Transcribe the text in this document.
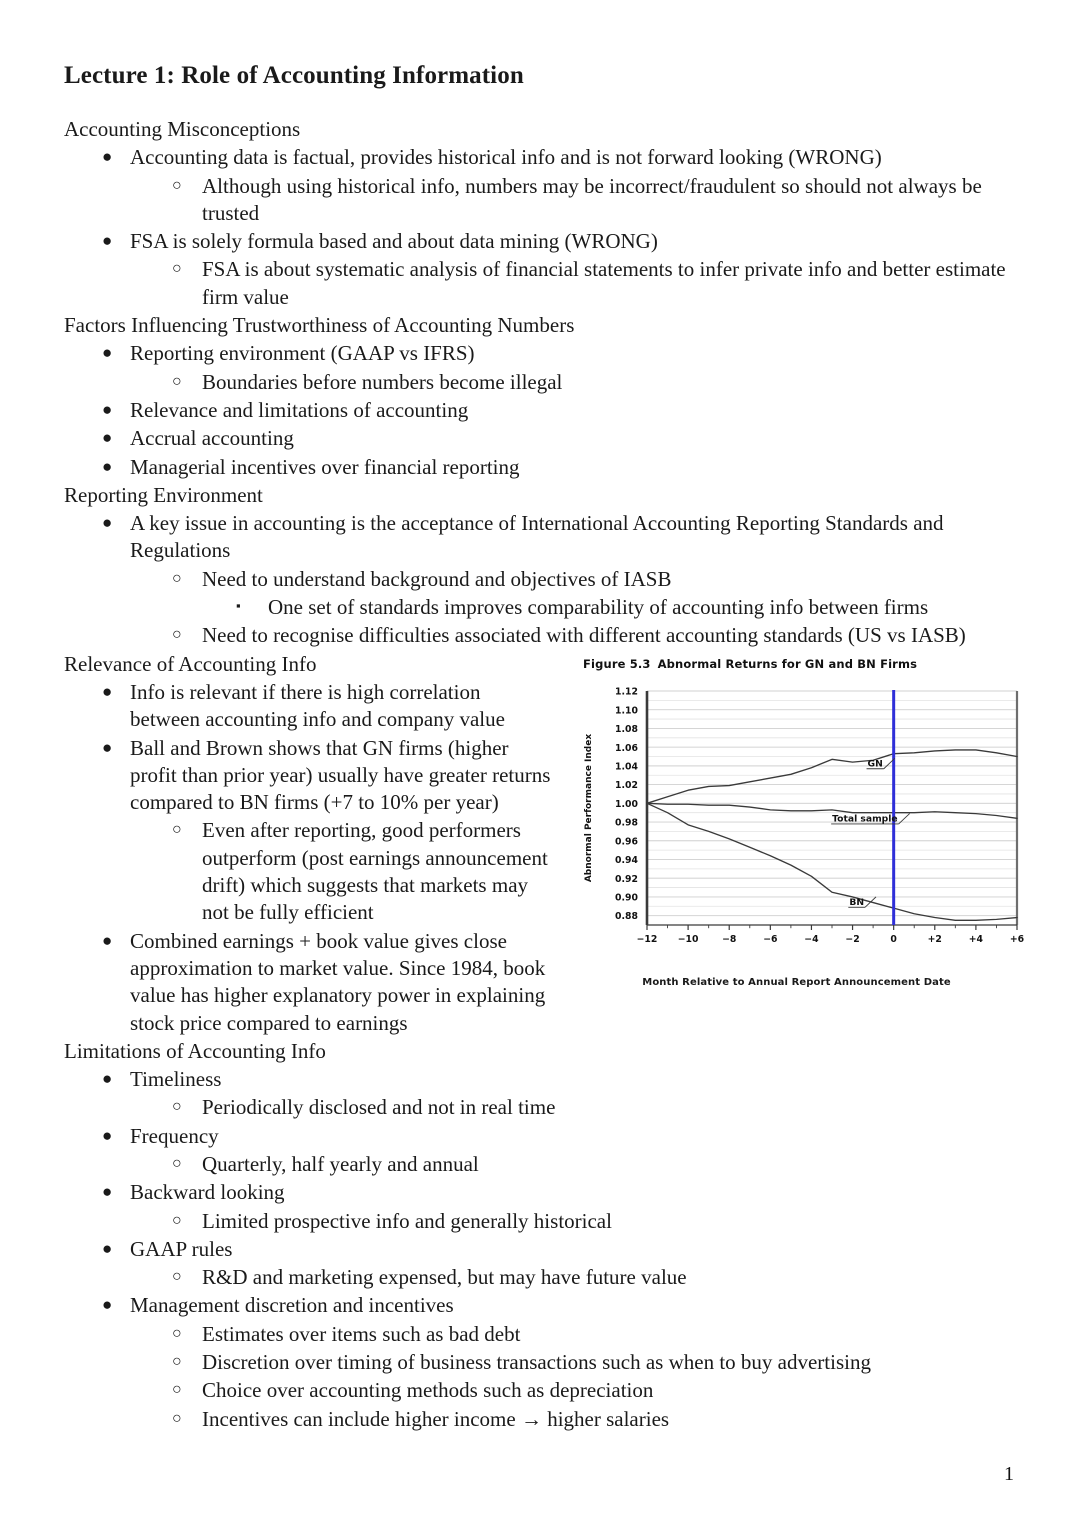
Lecture 1: Role of Accounting Information
Accounting Misconceptions
● Accounting data is factual, provides historical info and is not forward looking (WRONG)
○ Although using historical info, numbers may be incorrect/fraudulent so should not always be trusted
● FSA is solely formula based and about data mining (WRONG)
○ FSA is about systematic analysis of financial statements to infer private info and better estimate firm value
Factors Influencing Trustworthiness of Accounting Numbers
● Reporting environment (GAAP vs IFRS)
○ Boundaries before numbers become illegal
● Relevance and limitations of accounting
● Accrual accounting
● Managerial incentives over financial reporting
Reporting Environment
● A key issue in accounting is the acceptance of International Accounting Reporting Standards and Regulations
○ Need to understand background and objectives of IASB
▪ One set of standards improves comparability of accounting info between firms
○ Need to recognise difficulties associated with different accounting standards (US vs IASB)
Figure 5.3 Abnormal Returns for GN and BN Firms
0.88
0.90
0.92
0.94
0.96
0.98
1.00
1.02
1.04
1.06
1.08
1.10
1.12
Abnormal Performance Index
−12 −10	−8	−6	−4	−2	0	+2	+4	+6
GN
Total sample
BN
Month Relative to Annual Report Announcement Date
Relevance of Accounting Info
● Info is relevant if there is high correlation between accounting info and company value
● Ball and Brown shows that GN firms (higher profit than prior year) usually have greater returns compared to BN firms (+7 to 10% per year)
○ Even after reporting, good performers outperform (post earnings announcement drift) which suggests that markets may not be fully efficient
● Combined earnings + book value gives close approximation to market value. Since 1984, book value has higher explanatory power in explaining stock price compared to earnings
Limitations of Accounting Info
● Timeliness
○ Periodically disclosed and not in real time
● Frequency
○ Quarterly, half yearly and annual
● Backward looking
○ Limited prospective info and generally historical
● GAAP rules
○ R&D and marketing expensed, but may have future value
● Management discretion and incentives
○ Estimates over items such as bad debt
○ Discretion over timing of business transactions such as when to buy advertising
○ Choice over accounting methods such as depreciation
○ Incentives can include higher income → higher salaries
1
